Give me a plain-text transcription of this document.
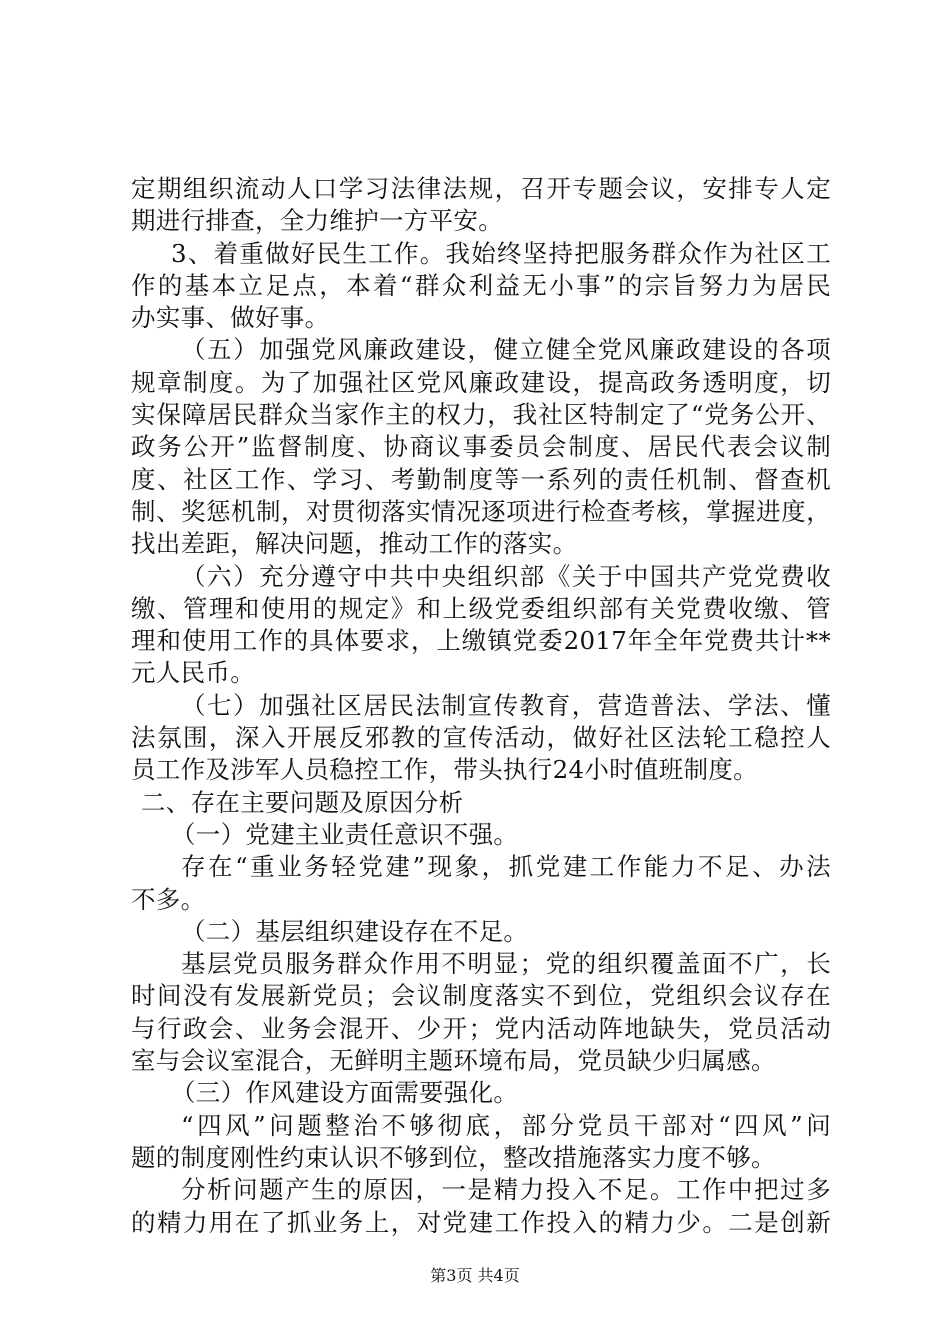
定期组织流动人口学习法律法规，召开专题会议，安排专人定
期进行排查，全力维护一方平安。
3、着重做好民生工作。我始终坚持把服务群众作为社区工
作的基本立足点，本着“群众利益无小事”的宗旨努力为居民
办实事、做好事。
（五）加强党风廉政建设，健立健全党风廉政建设的各项
规章制度。为了加强社区党风廉政建设，提高政务透明度，切
实保障居民群众当家作主的权力，我社区特制定了“党务公开、
政务公开”监督制度、协商议事委员会制度、居民代表会议制
度、社区工作、学习、考勤制度等一系列的责任机制、督查机
制、奖惩机制，对贯彻落实情况逐项进行检查考核，掌握进度，
找出差距，解决问题，推动工作的落实。
（六）充分遵守中共中央组织部《关于中国共产党党费收
缴、管理和使用的规定》和上级党委组织部有关党费收缴、管
理和使用工作的具体要求，上缴镇党委2017年全年党费共计**
元人民币。
（七）加强社区居民法制宣传教育，营造普法、学法、懂
法氛围，深入开展反邪教的宣传活动，做好社区法轮工稳控人
员工作及涉军人员稳控工作，带头执行24小时值班制度。
二、存在主要问题及原因分析
（一）党建主业责任意识不强。
存在“重业务轻党建”现象，抓党建工作能力不足、办法
不多。
（二）基层组织建设存在不足。
基层党员服务群众作用不明显；党的组织覆盖面不广，长
时间没有发展新党员；会议制度落实不到位，党组织会议存在
与行政会、业务会混开、少开；党内活动阵地缺失，党员活动
室与会议室混合，无鲜明主题环境布局，党员缺少归属感。
（三）作风建设方面需要强化。
“四风”问题整治不够彻底，部分党员干部对“四风”问
题的制度刚性约束认识不够到位，整改措施落实力度不够。
分析问题产生的原因，一是精力投入不足。工作中把过多
的精力用在了抓业务上，对党建工作投入的精力少。二是创新
第3页 共4页
